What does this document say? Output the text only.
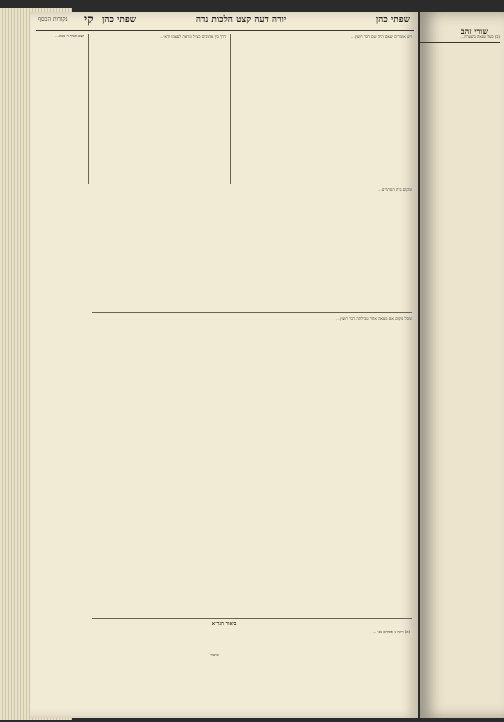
שפתי כהן
יורה דעה קצט הלכות נדה
שפתי כהן
קי
נקודות הכסף
קצט סעיף ד׳ מנהג...	דרך בין אהובים כצ״ל ונראה לעצמו ודאי...	ויש אומרים שאם היה שם דבר חוצץ...
ומקום בית הסתרים...
ומכל מקום אם מצאה אחר טבילתה דבר חוצץ...
ביאור הגר״א
(א) ויקח ג׳ פסקים בכ׳ ...
שיעור
שורי זהב
(ב) בעל שנאה בשערה...
